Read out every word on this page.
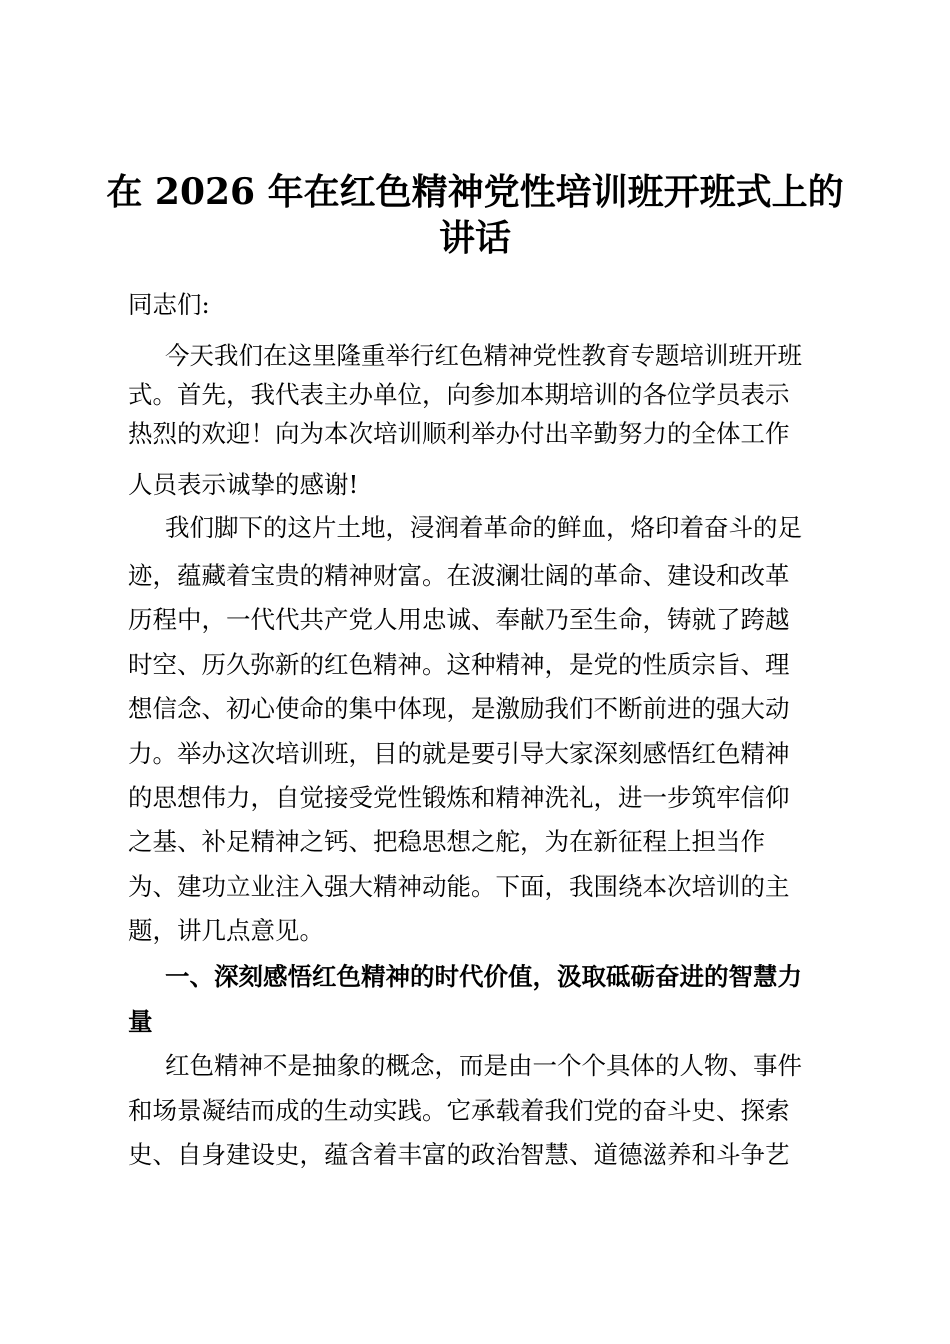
在 2026 年在红色精神党性培训班开班式上的
讲话
同志们:
今天我们在这里隆重举行红色精神党性教育专题培训班开班
式。首先，我代表主办单位，向参加本期培训的各位学员表示
热烈的欢迎！向为本次培训顺利举办付出辛勤努力的全体工作
人员表示诚挚的感谢!
我们脚下的这片土地，浸润着革命的鲜血，烙印着奋斗的足
迹，蕴藏着宝贵的精神财富。在波澜壮阔的革命、建设和改革
历程中，一代代共产党人用忠诚、奉献乃至生命，铸就了跨越
时空、历久弥新的红色精神。这种精神，是党的性质宗旨、理
想信念、初心使命的集中体现，是激励我们不断前进的强大动
力。举办这次培训班，目的就是要引导大家深刻感悟红色精神
的思想伟力，自觉接受党性锻炼和精神洗礼，进一步筑牢信仰
之基、补足精神之钙、把稳思想之舵，为在新征程上担当作
为、建功立业注入强大精神动能。下面，我围绕本次培训的主
题，讲几点意见。
一、深刻感悟红色精神的时代价值，汲取砥砺奋进的智慧力
量
红色精神不是抽象的概念，而是由一个个具体的人物、事件
和场景凝结而成的生动实践。它承载着我们党的奋斗史、探索
史、自身建设史，蕴含着丰富的政治智慧、道德滋养和斗争艺
